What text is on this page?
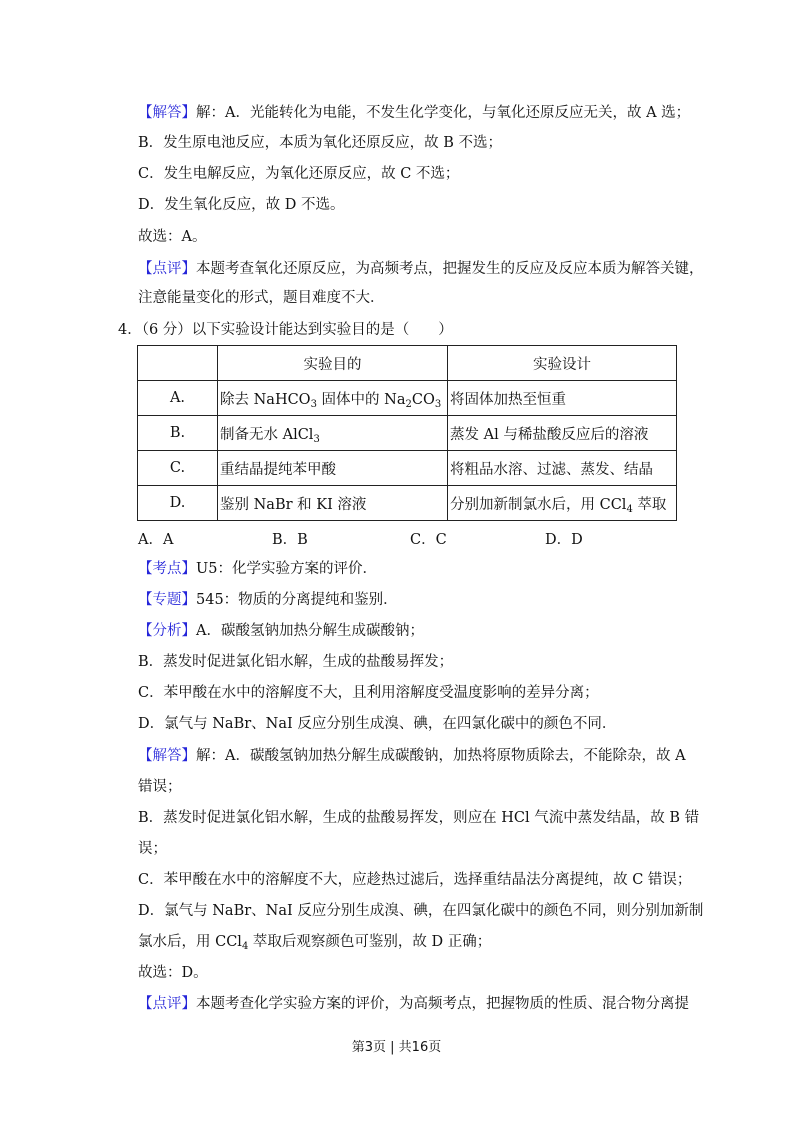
【解答】解：A．光能转化为电能，不发生化学变化，与氧化还原反应无关，故 A 选；
B．发生原电池反应，本质为氧化还原反应，故 B 不选；
C．发生电解反应，为氧化还原反应，故 C 不选；
D．发生氧化反应，故 D 不选。
故选：A。
【点评】本题考查氧化还原反应，为高频考点，把握发生的反应及反应本质为解答关键，
注意能量变化的形式，题目难度不大．
4．（6 分）以下实验设计能达到实验目的是（　　）
	实验目的	实验设计
A.	除去 NaHCO$_3$ 固体中的 $Na_2CO_3$	将固体加热至恒重
B.	制备无水 AlCl$_3$	蒸发 Al 与稀盐酸反应后的溶液
C.	重结晶提纯苯甲酸	将粗品水溶、过滤、蒸发、结晶
D.	鉴别 NaBr 和 KI 溶液	分别加新制氯水后，用 CCl$_4$ 萃取
A．A	B．B	C．C	D．D
【考点】U5：化学实验方案的评价．
【专题】545：物质的分离提纯和鉴别．
【分析】A．碳酸氢钠加热分解生成碳酸钠；
B．蒸发时促进氯化铝水解，生成的盐酸易挥发；
C．苯甲酸在水中的溶解度不大，且利用溶解度受温度影响的差异分离；
D．氯气与 NaBr、NaI 反应分别生成溴、碘，在四氯化碳中的颜色不同．
【解答】解：A．碳酸氢钠加热分解生成碳酸钠，加热将原物质除去，不能除杂，故 A
错误；
B．蒸发时促进氯化铝水解，生成的盐酸易挥发，则应在 HCl 气流中蒸发结晶，故 B 错
误；
C．苯甲酸在水中的溶解度不大，应趁热过滤后，选择重结晶法分离提纯，故 C 错误；
D．氯气与 NaBr、NaI 反应分别生成溴、碘，在四氯化碳中的颜色不同，则分别加新制
氯水后，用 CCl$_4$ 萃取后观察颜色可鉴别，故 D 正确；
故选：D。
【点评】本题考查化学实验方案的评价，为高频考点，把握物质的性质、混合物分离提
第3页 | 共16页
